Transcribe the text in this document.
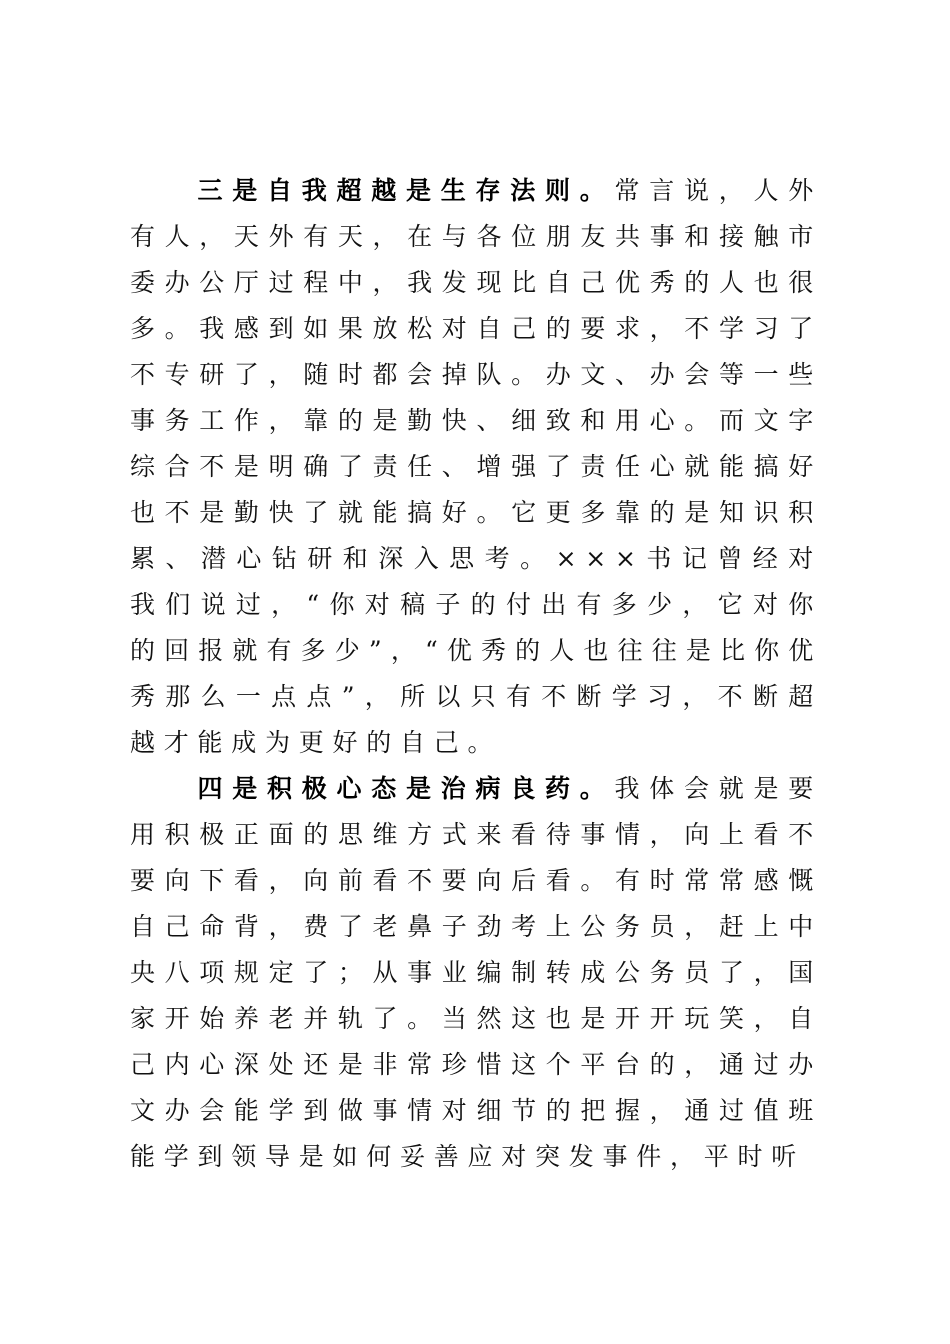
三是自我超越是生存法则。常言说，人外有人，天外有天，在与各位朋友共事和接触市委办公厅过程中，我发现比自己优秀的人也很多。我感到如果放松对自己的要求，不学习了不专研了，随时都会掉队。办文、办会等一些事务工作，靠的是勤快、细致和用心。而文字综合不是明确了责任、增强了责任心就能搞好也不是勤快了就能搞好。它更多靠的是知识积累、潜心钻研和深入思考。×××书记曾经对我们说过，“你对稿子的付出有多少，它对你的回报就有多少”，“优秀的人也往往是比你优秀那么一点点”，所以只有不断学习，不断超越才能成为更好的自己。

四是积极心态是治病良药。我体会就是要用积极正面的思维方式来看待事情，向上看不要向下看，向前看不要向后看。有时常常感慨自己命背，费了老鼻子劲考上公务员，赶上中央八项规定了；从事业编制转成公务员了，国家开始养老并轨了。当然这也是开开玩笑，自己内心深处还是非常珍惜这个平台的，通过办文办会能学到做事情对细节的把握，通过值班能学到领导是如何妥善应对突发事件，平时听
